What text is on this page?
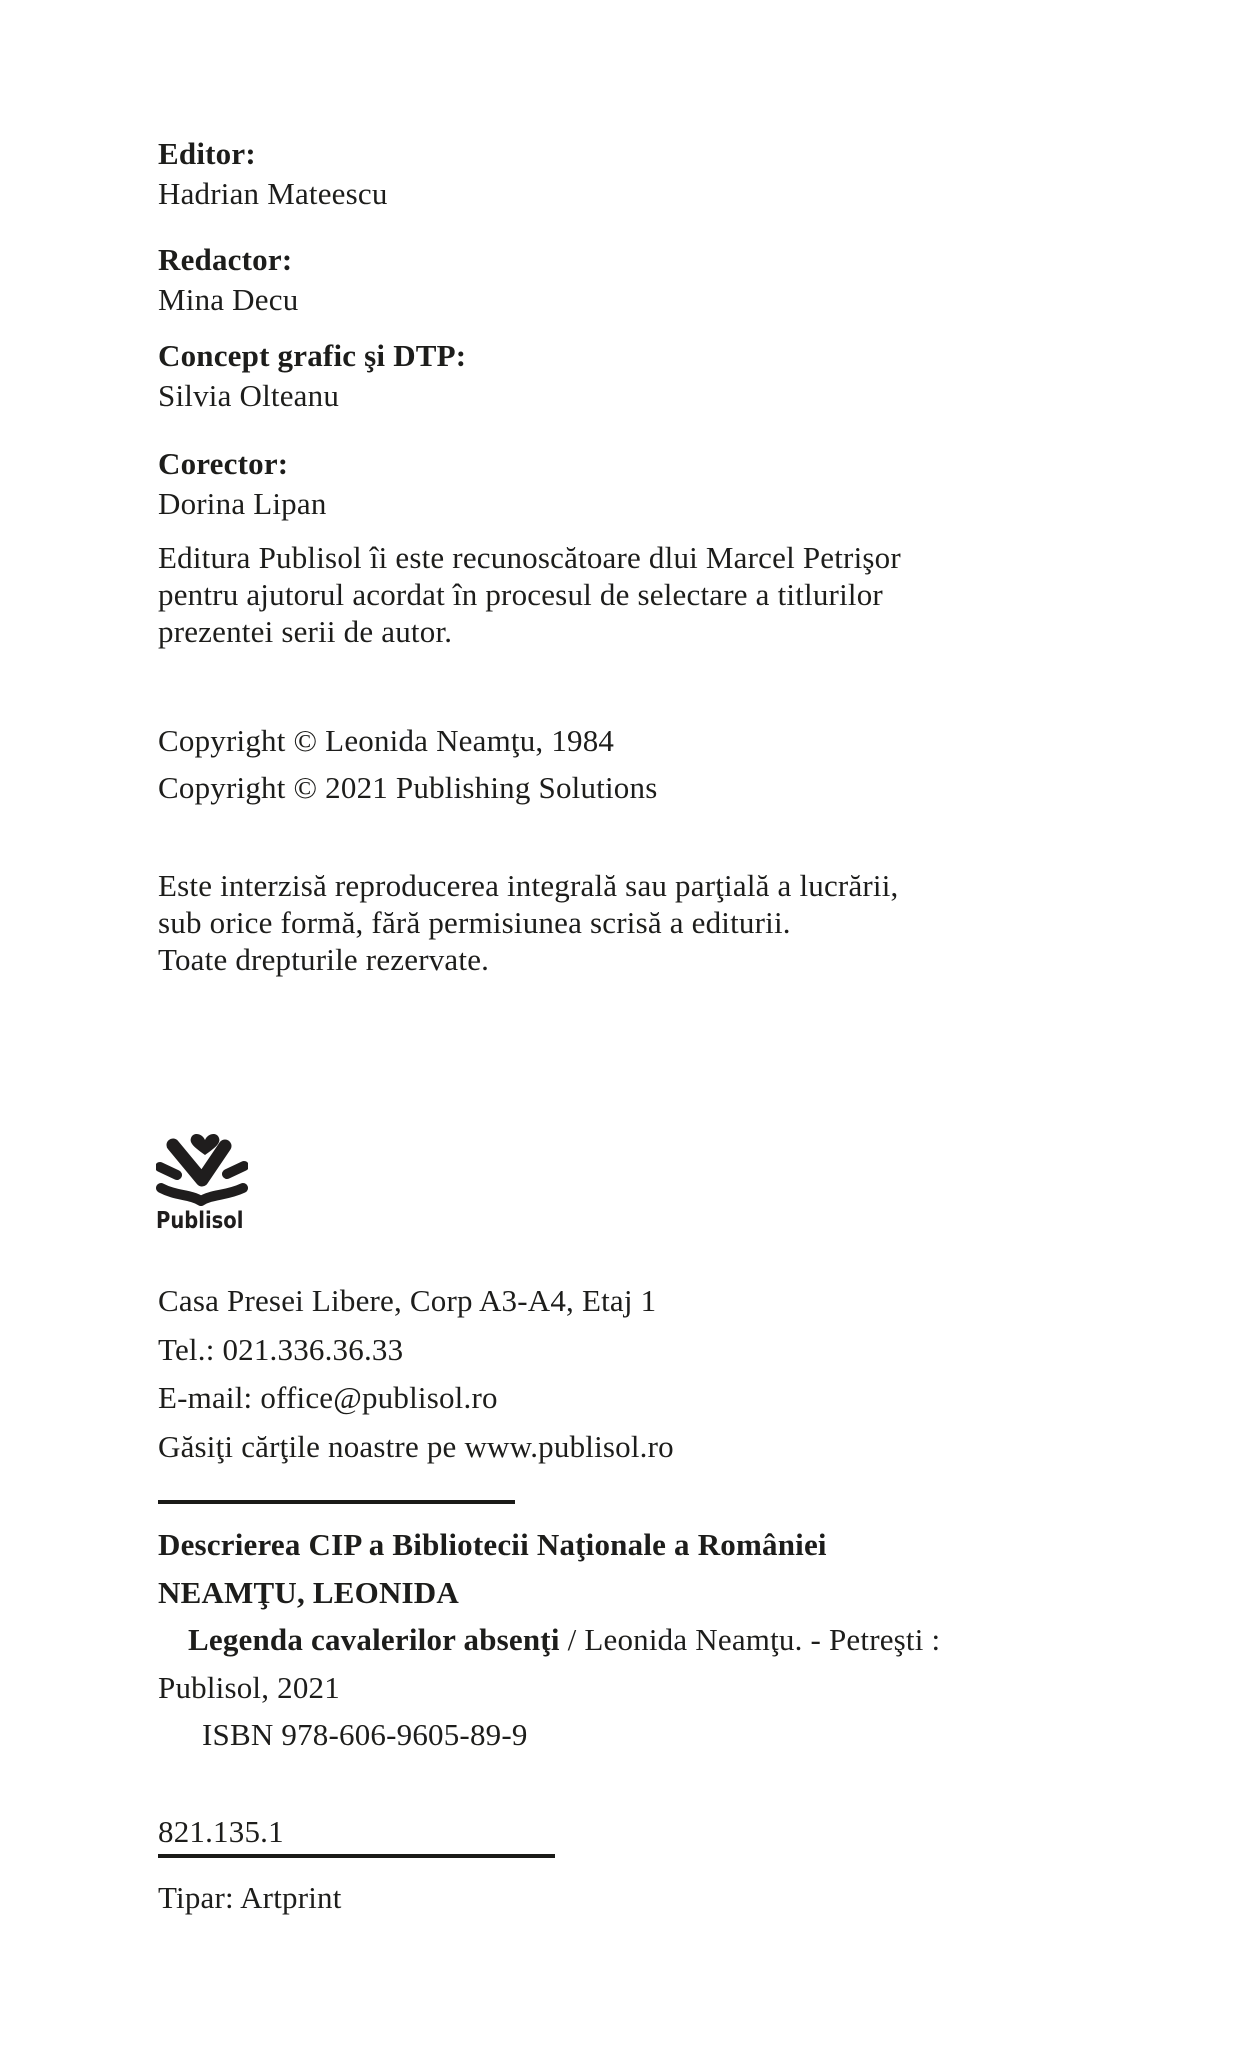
Editor:
Hadrian Mateescu
Redactor:
Mina Decu
Concept grafic şi DTP:
Silvia Olteanu
Corector:
Dorina Lipan
Editura Publisol îi este recunoscătoare dlui Marcel Petrişor
pentru ajutorul acordat în procesul de selectare a titlurilor
prezentei serii de autor.
Copyright © Leonida Neamţu, 1984
Copyright © 2021 Publishing Solutions
Este interzisă reproducerea integrală sau parţială a lucrării,
sub orice formă, fără permisiunea scrisă a editurii.
Toate drepturile rezervate.
Publisol
Casa Presei Libere, Corp A3-A4, Etaj 1
Tel.: 021.336.36.33
E-mail: office@publisol.ro
Găsiţi cărţile noastre pe www.publisol.ro
Descrierea CIP a Bibliotecii Naţionale a României
NEAMŢU, LEONIDA
Legenda cavalerilor absenţi / Leonida Neamţu. - Petreşti :
Publisol, 2021
ISBN 978-606-9605-89-9
821.135.1
Tipar: Artprint
